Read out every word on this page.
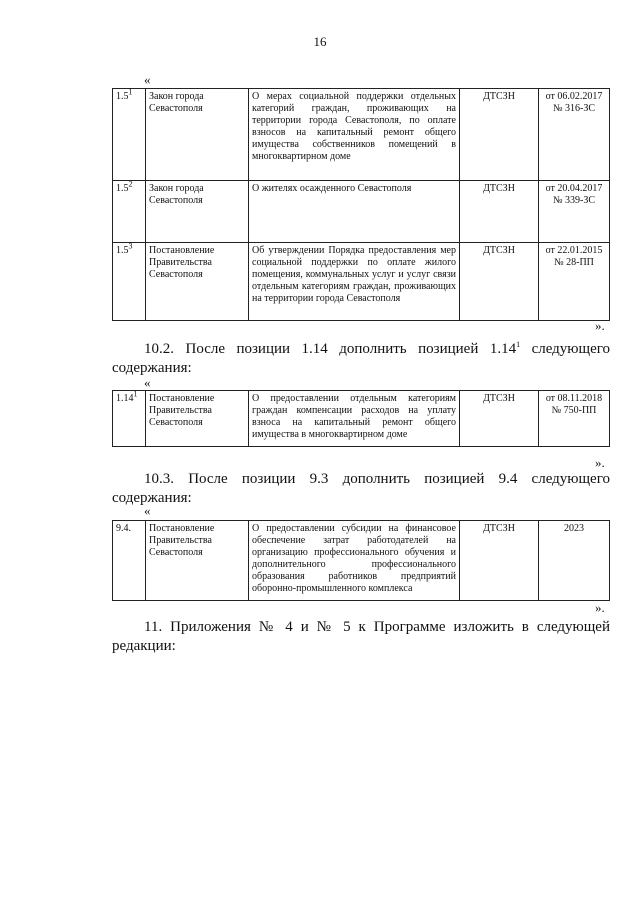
16
«
$1.5^1$	Закон города Севастополя	О мерах социальной поддержки отдельных категорий граждан, проживающих на территории города Севастополя, по оплате взносов на капитальный ремонт общего имущества собственников помещений в многоквартирном доме	ДТСЗН	от 06.02.2017
№ 316-ЗС

$1.5^2$	Закон города Севастополя	О жителях осажденного Севастополя	ДТСЗН	от 20.04.2017
№ 339-ЗС

$1.5^3$	Постановление Правительства Севастополя	Об утверждении Порядка предоставления мер социальной поддержки по оплате жилого помещения, коммунальных услуг и услуг связи отдельным категориям граждан, проживающих на территории города Севастополя	ДТСЗН	от 22.01.2015
№ 28-ПП
».
10.2. После позиции 1.14 дополнить позицией 1.14$^1$ следующего содержания:
«
1.14$^1$	Постановление Правительства Севастополя	О предоставлении отдельным категориям граждан компенсации расходов на уплату взноса на капитальный ремонт общего имущества в многоквартирном доме	ДТСЗН	от 08.11.2018
№ 750-ПП
».
10.3. После позиции 9.3 дополнить позицией 9.4 следующего содержания:
«
9.4.	Постановление Правительства Севастополя	О предоставлении субсидии на финансовое обеспечение затрат работодателей на организацию профессионального обучения и дополнительного профессионального образования работников предприятий оборонно-промышленного комплекса	ДТСЗН	2023
».
11. Приложения № 4 и № 5 к Программе изложить в следующей редакции:
